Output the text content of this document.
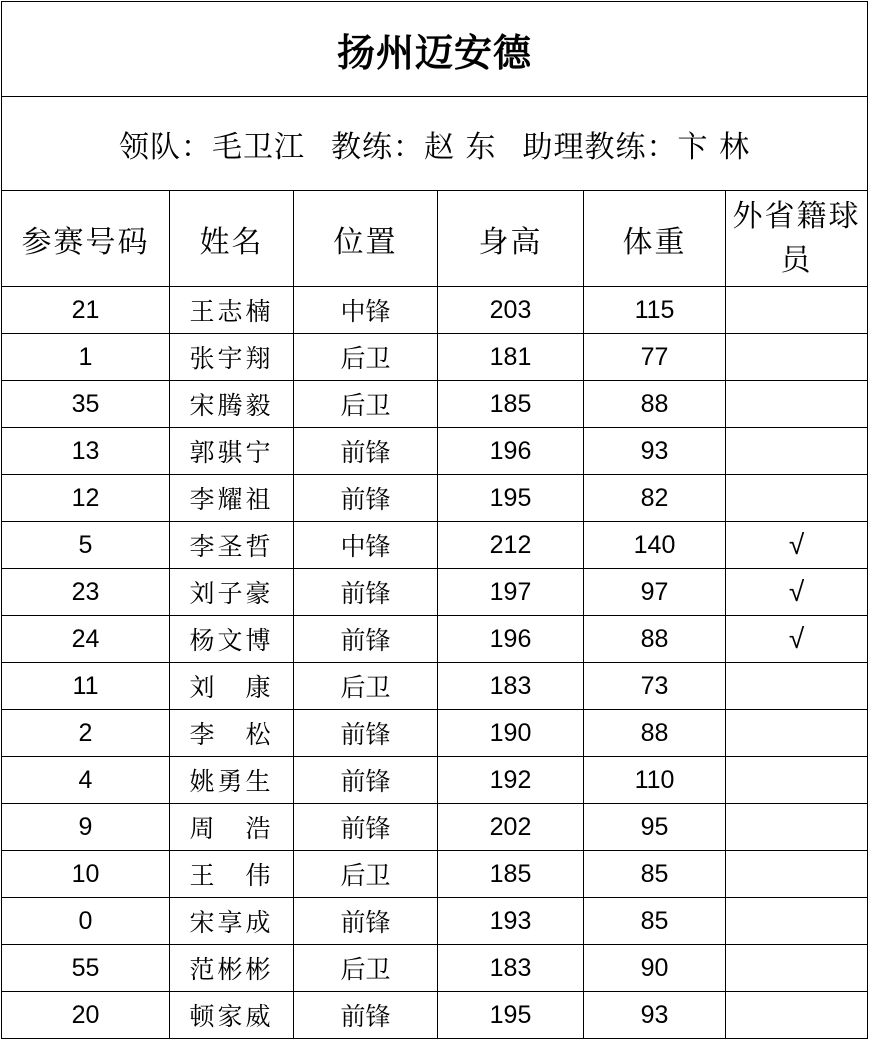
扬州迈安德					
领队：毛卫江 教练：赵 东 助理教练：卞 林					
参赛号码	姓名	位置	身高	体重	外省籍球员

21	王志楠	中锋	203	115	
1	张宇翔	后卫	181	77	
35	宋腾毅	后卫	185	88	
13	郭骐宁	前锋	196	93	
12	李耀祖	前锋	195	82	
5	李圣哲	中锋	212	140	√
23	刘子豪	前锋	197	97	√
24	杨文博	前锋	196	88	√
11	刘　康	后卫	183	73	
2	李　松	前锋	190	88	
4	姚勇生	前锋	192	110	
9	周　浩	前锋	202	95	
10	王　伟	后卫	185	85	
0	宋享成	前锋	193	85	
55	范彬彬	后卫	183	90	
20	顿家威	前锋	195	93	
